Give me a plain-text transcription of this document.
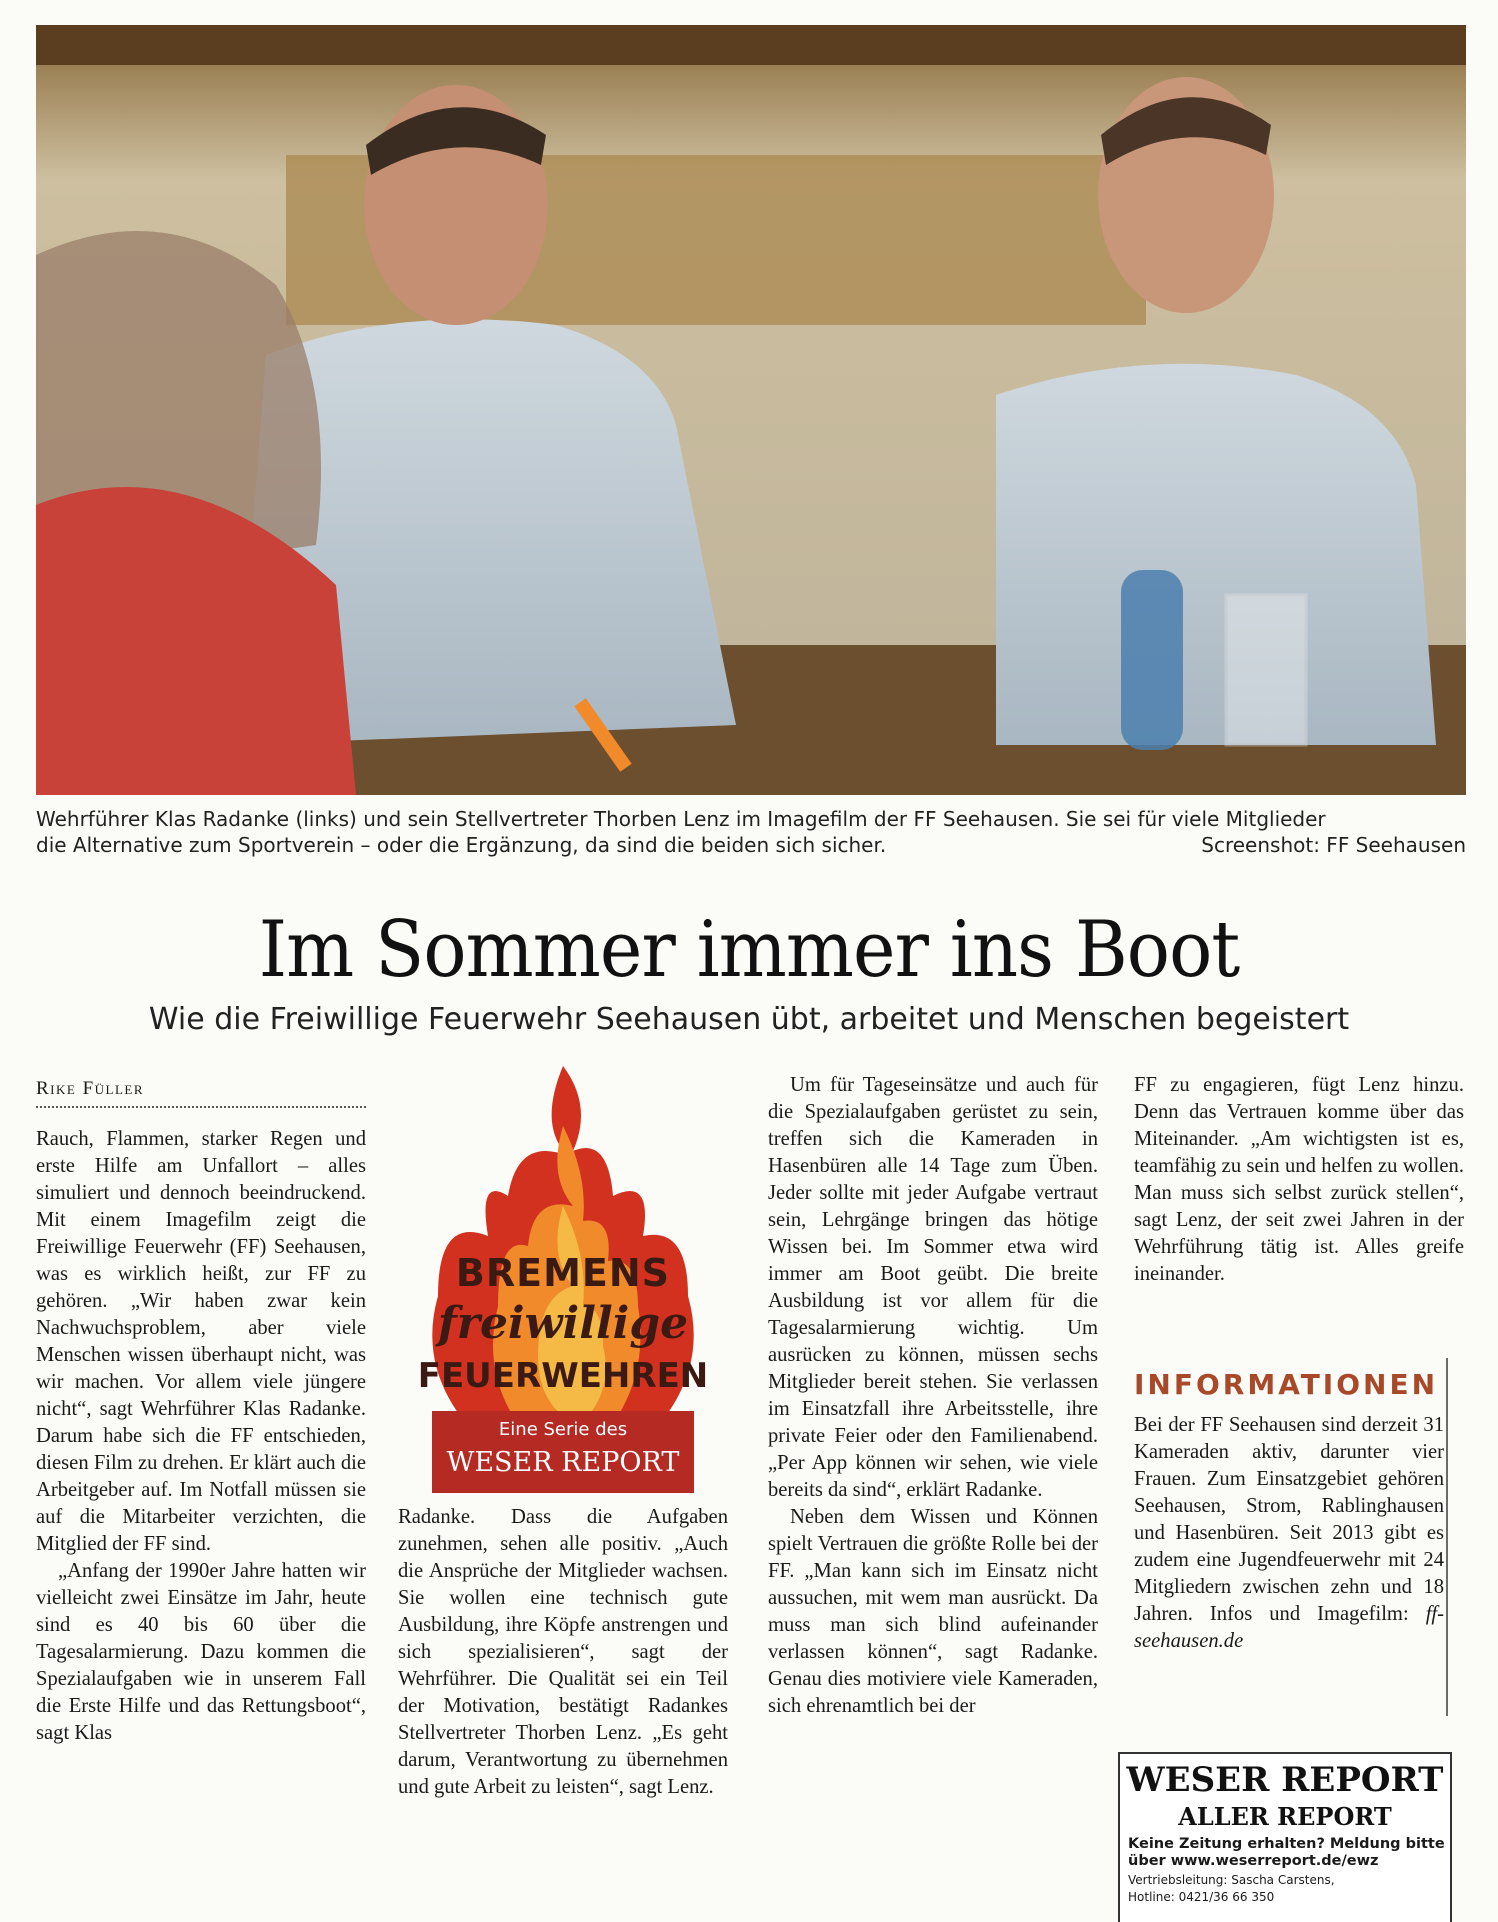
Wehrführer Klas Radanke (links) und sein Stellvertreter Thorben Lenz im Imagefilm der FF Seehausen. Sie sei für viele Mitglieder
die Alternative zum Sportverein – oder die Ergänzung, da sind die beiden sich sicher.	Screenshot: FF Seehausen
Im Sommer immer ins Boot
Wie die Freiwillige Feuerwehr Seehausen übt, arbeitet und Menschen begeistert
Rike Füller

Rauch, Flammen, starker Regen und erste Hilfe am Unfallort – alles simuliert und dennoch beeindruckend. Mit einem Imagefilm zeigt die Freiwillige Feuerwehr (FF) Seehausen, was es wirklich heißt, zur FF zu gehören. „Wir haben zwar kein Nachwuchsproblem, aber viele Menschen wissen überhaupt nicht, was wir machen. Vor allem viele jüngere nicht“, sagt Wehrführer Klas Radanke. Darum habe sich die FF entschieden, diesen Film zu drehen. Er klärt auch die Arbeitgeber auf. Im Notfall müssen sie auf die Mitarbeiter verzichten, die Mitglied der FF sind.

„Anfang der 1990er Jahre hatten wir vielleicht zwei Einsätze im Jahr, heute sind es 40 bis 60 über die Tagesalarmierung. Dazu kommen die Spezialaufgaben wie in unserem Fall die Erste Hilfe und das Rettungsboot“, sagt Klas

BREMENS
freiwillige
FEUERWEHREN
Eine Serie des
WESER REPORT

Radanke. Dass die Aufgaben zunehmen, sehen alle positiv. „Auch die Ansprüche der Mitglieder wachsen. Sie wollen eine technisch gute Ausbildung, ihre Köpfe anstrengen und sich spezialisieren“, sagt der Wehrführer. Die Qualität sei ein Teil der Motivation, bestätigt Radankes Stellvertreter Thorben Lenz. „Es geht darum, Verantwortung zu übernehmen und gute Arbeit zu leisten“, sagt Lenz.

Um für Tageseinsätze und auch für die Spezialaufgaben gerüstet zu sein, treffen sich die Kameraden in Hasenbüren alle 14 Tage zum Üben. Jeder sollte mit jeder Aufgabe vertraut sein, Lehrgänge bringen das hötige Wissen bei. Im Sommer etwa wird immer am Boot geübt. Die breite Ausbildung ist vor allem für die Tagesalarmierung wichtig. Um ausrücken zu können, müssen sechs Mitglieder bereit stehen. Sie verlassen im Einsatzfall ihre Arbeitsstelle, ihre private Feier oder den Familienabend. „Per App können wir sehen, wie viele bereits da sind“, erklärt Radanke.

Neben dem Wissen und Können spielt Vertrauen die größte Rolle bei der FF. „Man kann sich im Einsatz nicht aussuchen, mit wem man ausrückt. Da muss man sich blind aufeinander verlassen können“, sagt Radanke. Genau dies motiviere viele Kameraden, sich ehrenamtlich bei der

FF zu engagieren, fügt Lenz hinzu. Denn das Vertrauen komme über das Miteinander. „Am wichtigsten ist es, teamfähig zu sein und helfen zu wollen. Man muss sich selbst zurück stellen“, sagt Lenz, der seit zwei Jahren in der Wehrführung tätig ist. Alles greife ineinander.

INFORMATIONEN
Bei der FF Seehausen sind derzeit 31 Kameraden aktiv, darunter vier Frauen. Zum Einsatzgebiet gehören Seehausen, Strom, Rablinghausen und Hasenbüren. Seit 2013 gibt es zudem eine Jugendfeuerwehr mit 24 Mitgliedern zwischen zehn und 18 Jahren. Infos und Imagefilm: ff-seehausen.de
WESER REPORT
ALLER REPORT
Keine Zeitung erhalten? Meldung bitte über www.weserreport.de/ewz
Vertriebsleitung: Sascha Carstens,
Hotline: 0421/36 66 350
